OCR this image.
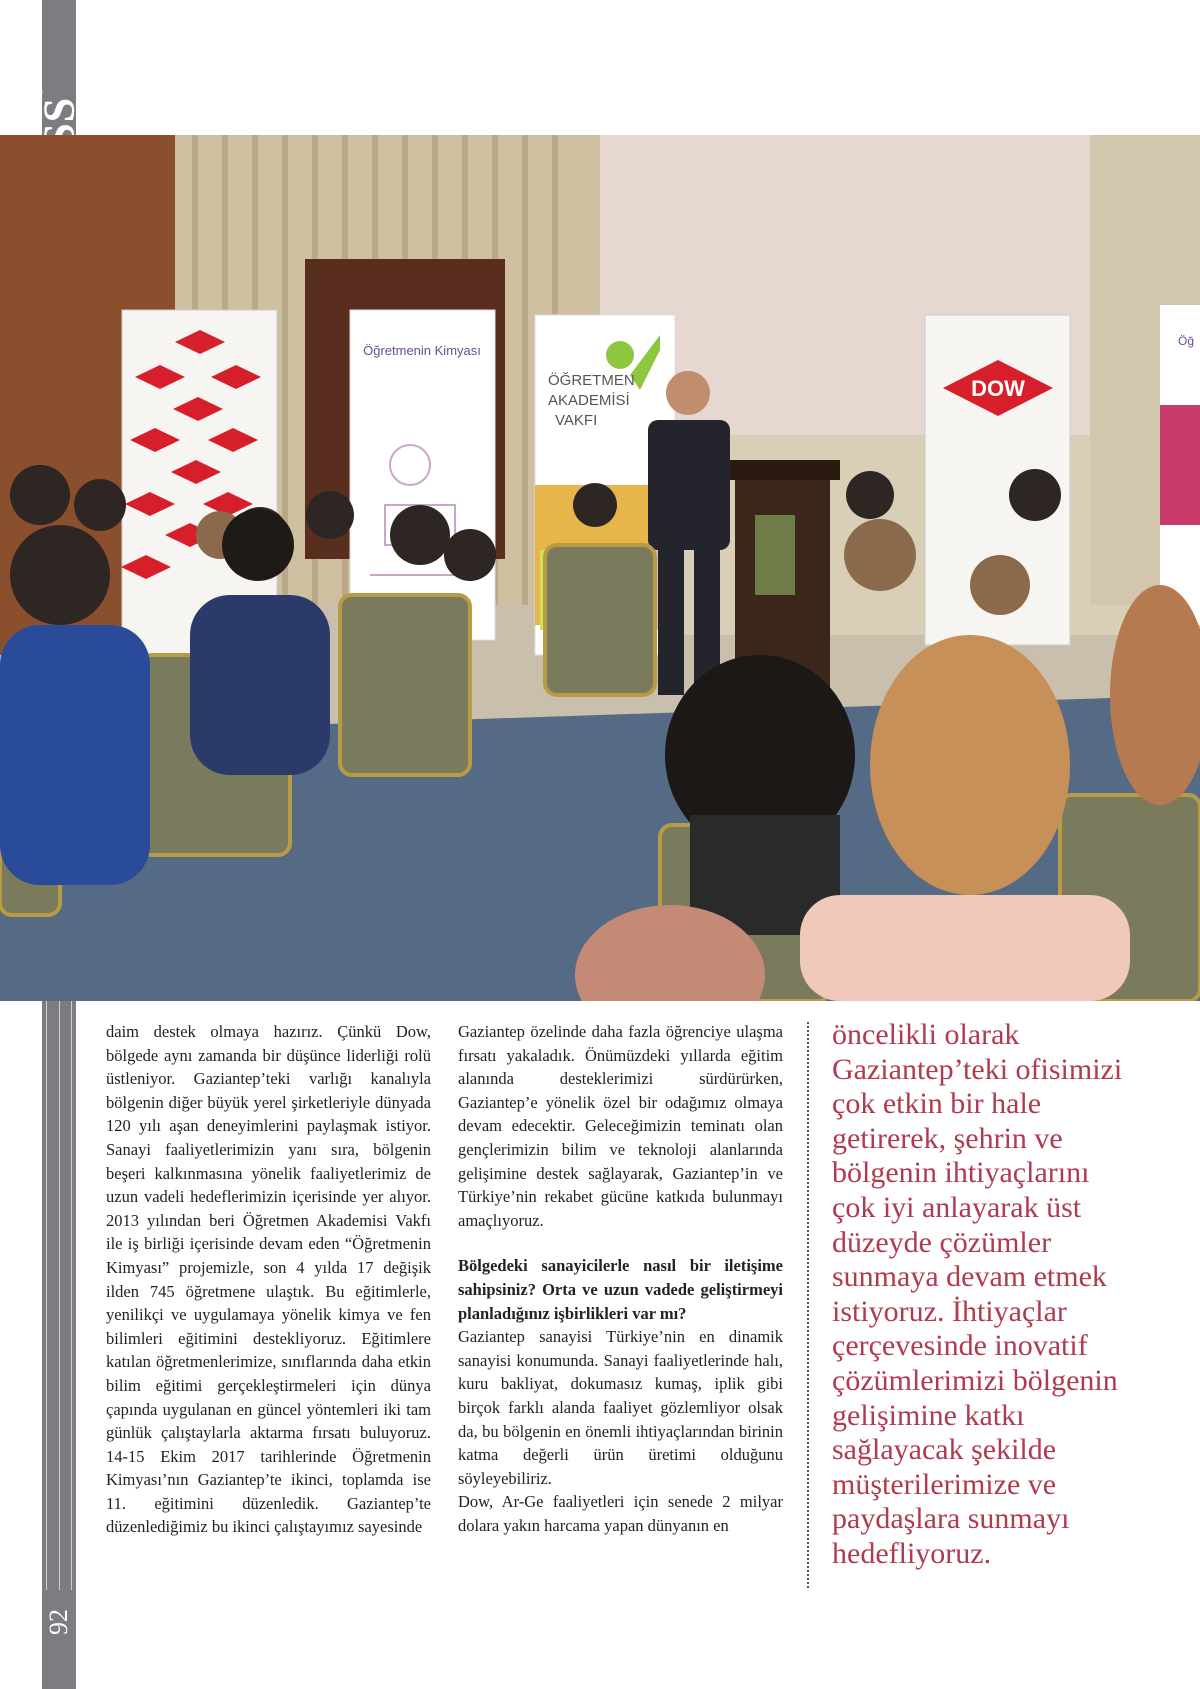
®
92
Öğretmenin Kimyası
ÖĞRETMEN
AKADEMİSİ
VAKFI
DOW
Öğ

daim destek olmaya hazırız. Çünkü Dow, bölgede aynı zamanda bir düşünce liderliği rolü üstleniyor. Gaziantep’teki varlığı kanalıyla bölgenin diğer büyük yerel şirketleriyle dünyada 120 yılı aşan deneyimlerini paylaşmak istiyor. Sanayi faaliyetlerimizin yanı sıra, bölgenin beşeri kalkınmasına yönelik faaliyetlerimiz de uzun vadeli hedeflerimizin içerisinde yer alıyor. 2013 yılından beri Öğretmen Akademisi Vakfı ile iş birliği içerisinde devam eden “Öğretmenin Kimyası” projemizle, son 4 yılda 17 değişik ilden 745 öğretmene ulaştık. Bu eğitimlerle, yenilikçi ve uygulamaya yönelik kimya ve fen bilimleri eğitimini destekliyoruz. Eğitimlere katılan öğretmenlerimize, sınıflarında daha etkin bilim eğitimi gerçekleştirmeleri için dünya çapında uygulanan en güncel yöntemleri iki tam günlük çalıştaylarla aktarma fırsatı buluyoruz. 14-15 Ekim 2017 tarihlerinde Öğretmenin Kimyası’nın Gaziantep’te ikinci, toplamda ise 11. eğitimini düzenledik. Gaziantep’te düzenlediğimiz bu ikinci çalıştayımız sayesinde

Gaziantep özelinde daha fazla öğrenciye ulaşma fırsatı yakaladık. Önümüzdeki yıllarda eğitim alanında desteklerimizi sürdürürken, Gaziantep’e yönelik özel bir odağımız olmaya devam edecektir. Geleceğimizin teminatı olan gençlerimizin bilim ve teknoloji alanlarında gelişimine destek sağlayarak, Gaziantep’in ve Türkiye’nin rekabet gücüne katkıda bulunmayı amaçlıyoruz.

Bölgedeki sanayicilerle nasıl bir iletişime sahipsiniz? Orta ve uzun vadede geliştirmeyi planladığınız işbirlikleri var mı?

Gaziantep sanayisi Türkiye’nin en dinamik sanayisi konumunda. Sanayi faaliyetlerinde halı, kuru bakliyat, dokumasız kumaş, iplik gibi birçok farklı alanda faaliyet gözlemliyor olsak da, bu bölgenin en önemli ihtiyaçlarından birinin katma değerli ürün üretimi olduğunu söyleyebiliriz.

Dow, Ar-Ge faaliyetleri için senede 2 milyar dolara yakın harcama yapan dünyanın en

öncelikli olarak Gaziantep’teki ofisimizi çok etkin bir hale getirerek, şehrin ve bölgenin ihtiyaçlarını çok iyi anlayarak üst düzeyde çözümler sunmaya devam etmek istiyoruz. İhtiyaçlar çerçevesinde inovatif çözümlerimizi bölgenin gelişimine katkı sağlayacak şekilde müşterilerimize ve paydaşlara sunmayı hedefliyoruz.
